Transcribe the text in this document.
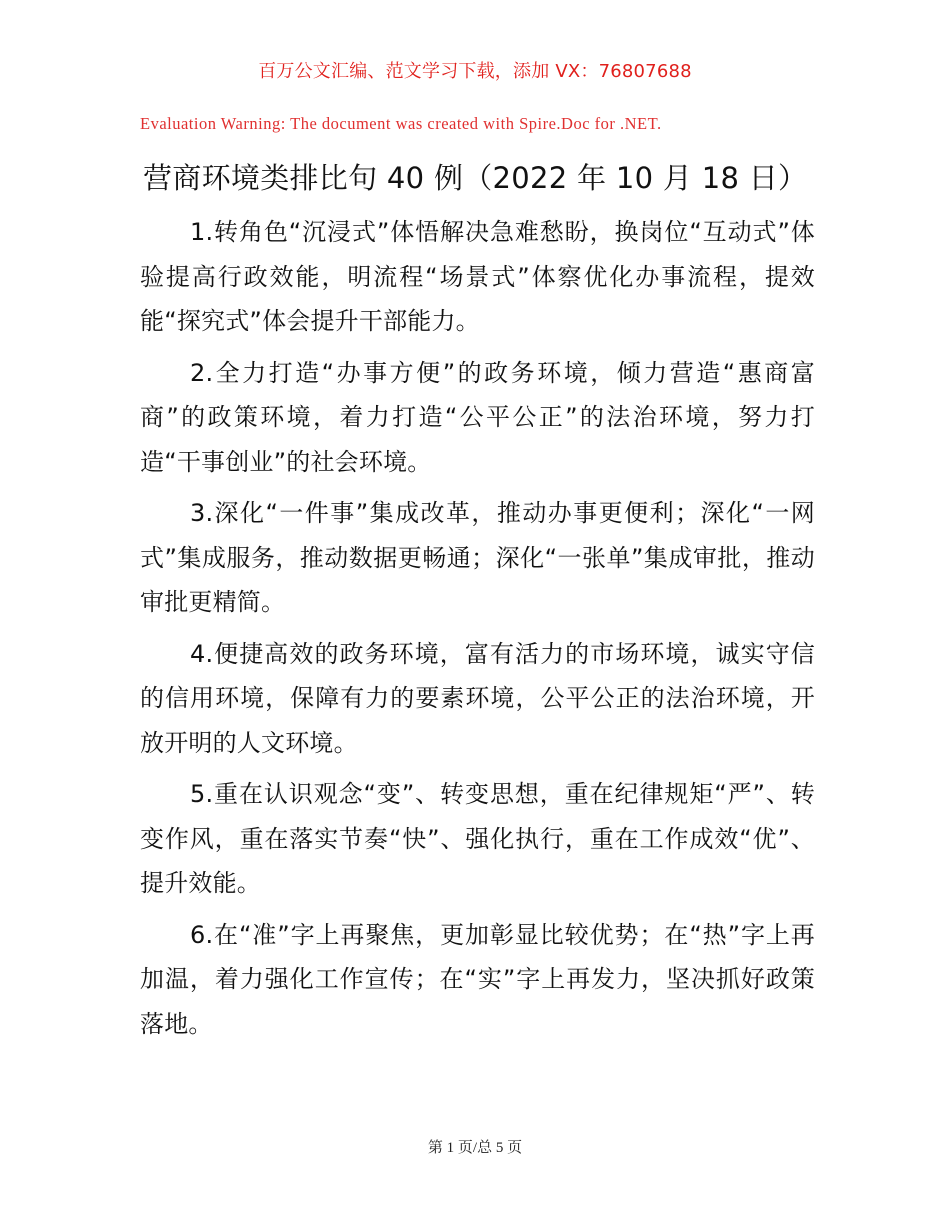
百万公文汇编、范文学习下载，添加 VX：76807688
Evaluation Warning: The document was created with Spire.Doc for .NET.
营商环境类排比句 40 例（2022 年 10 月 18 日）

1.转角色“沉浸式”体悟解决急难愁盼，换岗位“互动式”体验提高行政效能，明流程“场景式”体察优化办事流程，提效能“探究式”体会提升干部能力。

2.全力打造“办事方便”的政务环境，倾力营造“惠商富商”的政策环境，着力打造“公平公正”的法治环境，努力打造“干事创业”的社会环境。

3.深化“一件事”集成改革，推动办事更便利；深化“一网式”集成服务，推动数据更畅通；深化“一张单”集成审批，推动审批更精简。

4.便捷高效的政务环境，富有活力的市场环境，诚实守信的信用环境，保障有力的要素环境，公平公正的法治环境，开放开明的人文环境。

5.重在认识观念“变”、转变思想，重在纪律规矩“严”、转变作风，重在落实节奏“快”、强化执行，重在工作成效“优”、提升效能。

6.在“准”字上再聚焦，更加彰显比较优势；在“热”字上再加温，着力强化工作宣传；在“实”字上再发力，坚决抓好政策落地。

第 1 页/总 5 页
